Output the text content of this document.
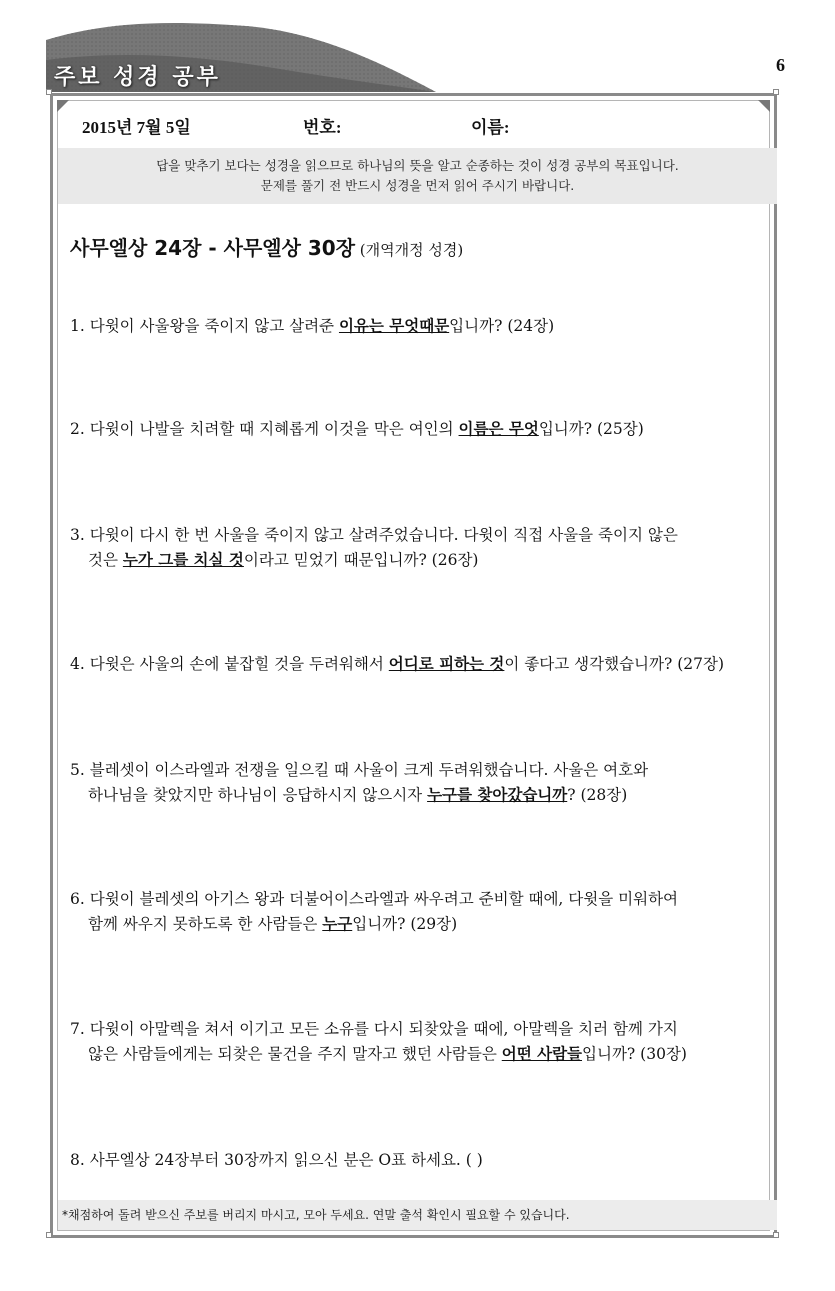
주보 성경 공부	6
2015년 7월 5일	번호:	이름:
답을 맞추기 보다는 성경을 읽으므로 하나님의 뜻을 알고 순종하는 것이 성경 공부의 목표입니다.
문제를 풀기 전 반드시 성경을 먼저 읽어 주시기 바랍니다.
사무엘상 24장 - 사무엘상 30장 (개역개정 성경)
1. 다윗이 사울왕을 죽이지 않고 살려준 이유는 무엇때문입니까? (24장)
2. 다윗이 나발을 치려할 때 지혜롭게 이것을 막은 여인의 이름은 무엇입니까? (25장)
3. 다윗이 다시 한 번 사울을 죽이지 않고 살려주었습니다. 다윗이 직접 사울을 죽이지 않은
것은 누가 그를 치실 것이라고 믿었기 때문입니까? (26장)
4. 다윗은 사울의 손에 붙잡힐 것을 두려워해서 어디로 피하는 것이 좋다고 생각했습니까? (27장)
5. 블레셋이 이스라엘과 전쟁을 일으킬 때 사울이 크게 두려워했습니다. 사울은 여호와
하나님을 찾았지만 하나님이 응답하시지 않으시자 누구를 찾아갔습니까? (28장)
6. 다윗이 블레셋의 아기스 왕과 더불어이스라엘과 싸우려고 준비할 때에, 다윗을 미워하여
함께 싸우지 못하도록 한 사람들은 누구입니까? (29장)
7. 다윗이 아말렉을 쳐서 이기고 모든 소유를 다시 되찾았을 때에, 아말렉을 치러 함께 가지
않은 사람들에게는 되찾은 물건을 주지 말자고 했던 사람들은 어떤 사람들입니까? (30장)
8. 사무엘상 24장부터 30장까지 읽으신 분은 O표 하세요. ( )
*채점하여 돌려 받으신 주보를 버리지 마시고, 모아 두세요. 연말 출석 확인시 필요할 수 있습니다.
